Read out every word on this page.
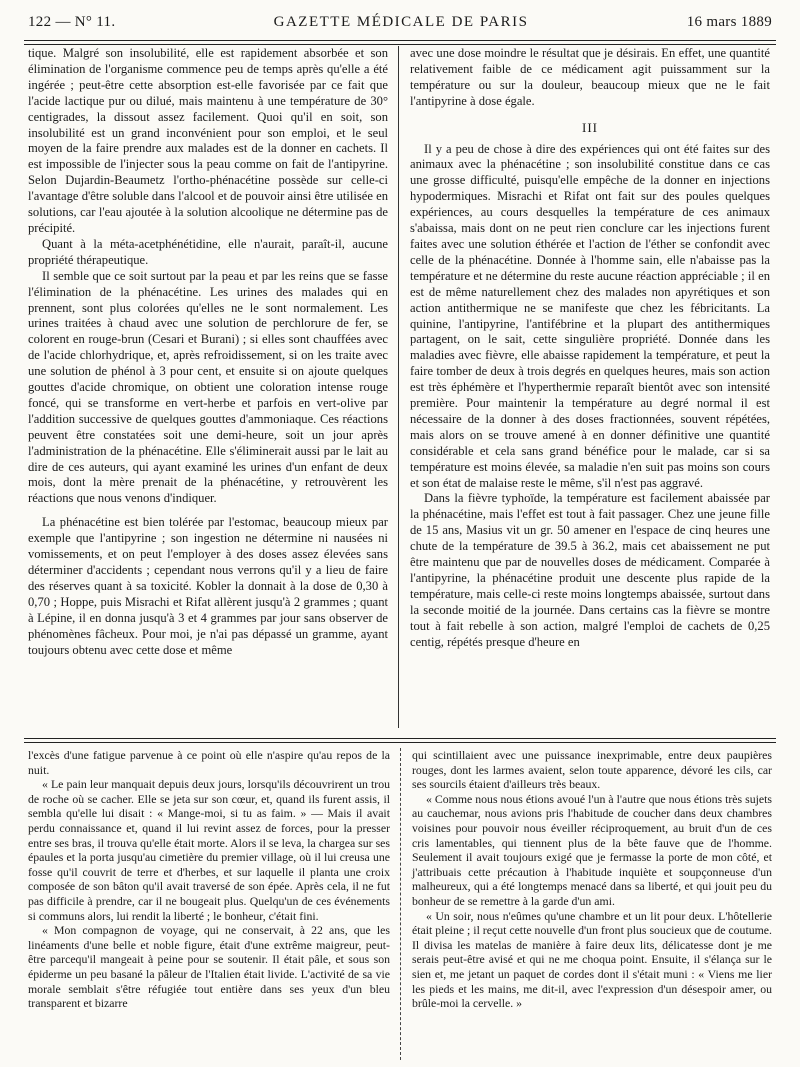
122 — N° 11.	GAZETTE MÉDICALE DE PARIS	16 mars 1889

tique. Malgré son insolubilité, elle est rapidement absorbée et son élimination de l'organisme commence peu de temps après qu'elle a été ingérée ; peut-être cette absorption est-elle favorisée par ce fait que l'acide lactique pur ou dilué, mais maintenu à une température de 30° centigrades, la dissout assez facilement. Quoi qu'il en soit, son insolubilité est un grand inconvénient pour son emploi, et le seul moyen de la faire prendre aux malades est de la donner en cachets. Il est impossible de l'injecter sous la peau comme on fait de l'antipyrine. Selon Dujardin-Beaumetz l'ortho-phénacétine possède sur celle-ci l'avantage d'être soluble dans l'alcool et de pouvoir ainsi être utilisée en solutions, car l'eau ajoutée à la solution alcoolique ne détermine pas de précipité.

Quant à la méta-acetphénétidine, elle n'aurait, paraît-il, aucune propriété thérapeutique.

Il semble que ce soit surtout par la peau et par les reins que se fasse l'élimination de la phénacétine. Les urines des malades qui en prennent, sont plus colorées qu'elles ne le sont normalement. Les urines traitées à chaud avec une solution de perchlorure de fer, se colorent en rouge-brun (Cesari et Burani) ; si elles sont chauffées avec de l'acide chlorhydrique, et, après refroidissement, si on les traite avec une solution de phénol à 3 pour cent, et ensuite si on ajoute quelques gouttes d'acide chromique, on obtient une coloration intense rouge foncé, qui se transforme en vert-herbe et parfois en vert-olive par l'addition successive de quelques gouttes d'ammoniaque. Ces réactions peuvent être constatées soit une demi-heure, soit un jour après l'administration de la phénacétine. Elle s'éliminerait aussi par le lait au dire de ces auteurs, qui ayant examiné les urines d'un enfant de deux mois, dont la mère prenait de la phénacétine, y retrouvèrent les réactions que nous venons d'indiquer.

La phénacétine est bien tolérée par l'estomac, beaucoup mieux par exemple que l'antipyrine ; son ingestion ne détermine ni nausées ni vomissements, et on peut l'employer à des doses assez élevées sans déterminer d'accidents ; cependant nous verrons qu'il y a lieu de faire des réserves quant à sa toxicité. Kobler la donnait à la dose de 0,30 à 0,70 ; Hoppe, puis Misrachi et Rifat allèrent jusqu'à 2 grammes ; quant à Lépine, il en donna jusqu'à 3 et 4 grammes par jour sans observer de phénomènes fâcheux. Pour moi, je n'ai pas dépassé un gramme, ayant toujours obtenu avec cette dose et même

avec une dose moindre le résultat que je désirais. En effet, une quantité relativement faible de ce médicament agit puissamment sur la température ou sur la douleur, beaucoup mieux que ne le fait l'antipyrine à dose égale.

III

Il y a peu de chose à dire des expériences qui ont été faites sur des animaux avec la phénacétine ; son insolubilité constitue dans ce cas une grosse difficulté, puisqu'elle empêche de la donner en injections hypodermiques. Misrachi et Rifat ont fait sur des poules quelques expériences, au cours desquelles la température de ces animaux s'abaissa, mais dont on ne peut rien conclure car les injections furent faites avec une solution éthérée et l'action de l'éther se confondit avec celle de la phénacétine. Donnée à l'homme sain, elle n'abaisse pas la température et ne détermine du reste aucune réaction appréciable ; il en est de même naturellement chez des malades non apyrétiques et son action antithermique ne se manifeste que chez les fébricitants. La quinine, l'antipyrine, l'antifébrine et la plupart des antithermiques partagent, on le sait, cette singulière propriété. Donnée dans les maladies avec fièvre, elle abaisse rapidement la température, et peut la faire tomber de deux à trois degrés en quelques heures, mais son action est très éphémère et l'hyperthermie reparaît bientôt avec son intensité première. Pour maintenir la température au degré normal il est nécessaire de la donner à des doses fractionnées, souvent répétées, mais alors on se trouve amené à en donner définitive une quantité considérable et cela sans grand bénéfice pour le malade, car si sa température est moins élevée, sa maladie n'en suit pas moins son cours et son état de malaise reste le même, s'il n'est pas aggravé.

Dans la fièvre typhoïde, la température est facilement abaissée par la phénacétine, mais l'effet est tout à fait passager. Chez une jeune fille de 15 ans, Masius vit un gr. 50 amener en l'espace de cinq heures une chute de la température de 39.5 à 36.2, mais cet abaissement ne put être maintenu que par de nouvelles doses de médicament. Comparée à l'antipyrine, la phénacétine produit une descente plus rapide de la température, mais celle-ci reste moins longtemps abaissée, surtout dans la seconde moitié de la journée. Dans certains cas la fièvre se montre tout à fait rebelle à son action, malgré l'emploi de cachets de 0,25 centig, répétés presque d'heure en

l'excès d'une fatigue parvenue à ce point où elle n'aspire qu'au repos de la nuit.

« Le pain leur manquait depuis deux jours, lorsqu'ils découvrirent un trou de roche où se cacher. Elle se jeta sur son cœur, et, quand ils furent assis, il sembla qu'elle lui disait : « Mange-moi, si tu as faim. » — Mais il avait perdu connaissance et, quand il lui revint assez de forces, pour la presser entre ses bras, il trouva qu'elle était morte. Alors il se leva, la chargea sur ses épaules et la porta jusqu'au cimetière du premier village, où il lui creusa une fosse qu'il couvrit de terre et d'herbes, et sur laquelle il planta une croix composée de son bâton qu'il avait traversé de son épée. Après cela, il ne fut pas difficile à prendre, car il ne bougeait plus. Quelqu'un de ces événements si communs alors, lui rendit la liberté ; le bonheur, c'était fini.

« Mon compagnon de voyage, qui ne conservait, à 22 ans, que les linéaments d'une belle et noble figure, était d'une extrême maigreur, peut-être parcequ'il mangeait à peine pour se soutenir. Il était pâle, et sous son épiderme un peu basané la pâleur de l'Italien était livide. L'activité de sa vie morale semblait s'être réfugiée tout entière dans ses yeux d'un bleu transparent et bizarre

qui scintillaient avec une puissance inexprimable, entre deux paupières rouges, dont les larmes avaient, selon toute apparence, dévoré les cils, car ses sourcils étaient d'ailleurs très beaux.

« Comme nous nous étions avoué l'un à l'autre que nous étions très sujets au cauchemar, nous avions pris l'habitude de coucher dans deux chambres voisines pour pouvoir nous éveiller réciproquement, au bruit d'un de ces cris lamentables, qui tiennent plus de la bête fauve que de l'homme. Seulement il avait toujours exigé que je fermasse la porte de mon côté, et j'attribuais cette précaution à l'habitude inquiète et soupçonneuse d'un malheureux, qui a été longtemps menacé dans sa liberté, et qui jouit peu du bonheur de se remettre à la garde d'un ami.

« Un soir, nous n'eûmes qu'une chambre et un lit pour deux. L'hôtellerie était pleine ; il reçut cette nouvelle d'un front plus soucieux que de coutume. Il divisa les matelas de manière à faire deux lits, délicatesse dont je me serais peut-être avisé et qui ne me choqua point. Ensuite, il s'élança sur le sien et, me jetant un paquet de cordes dont il s'était muni : « Viens me lier les pieds et les mains, me dit-il, avec l'expression d'un désespoir amer, ou brûle-moi la cervelle. »
